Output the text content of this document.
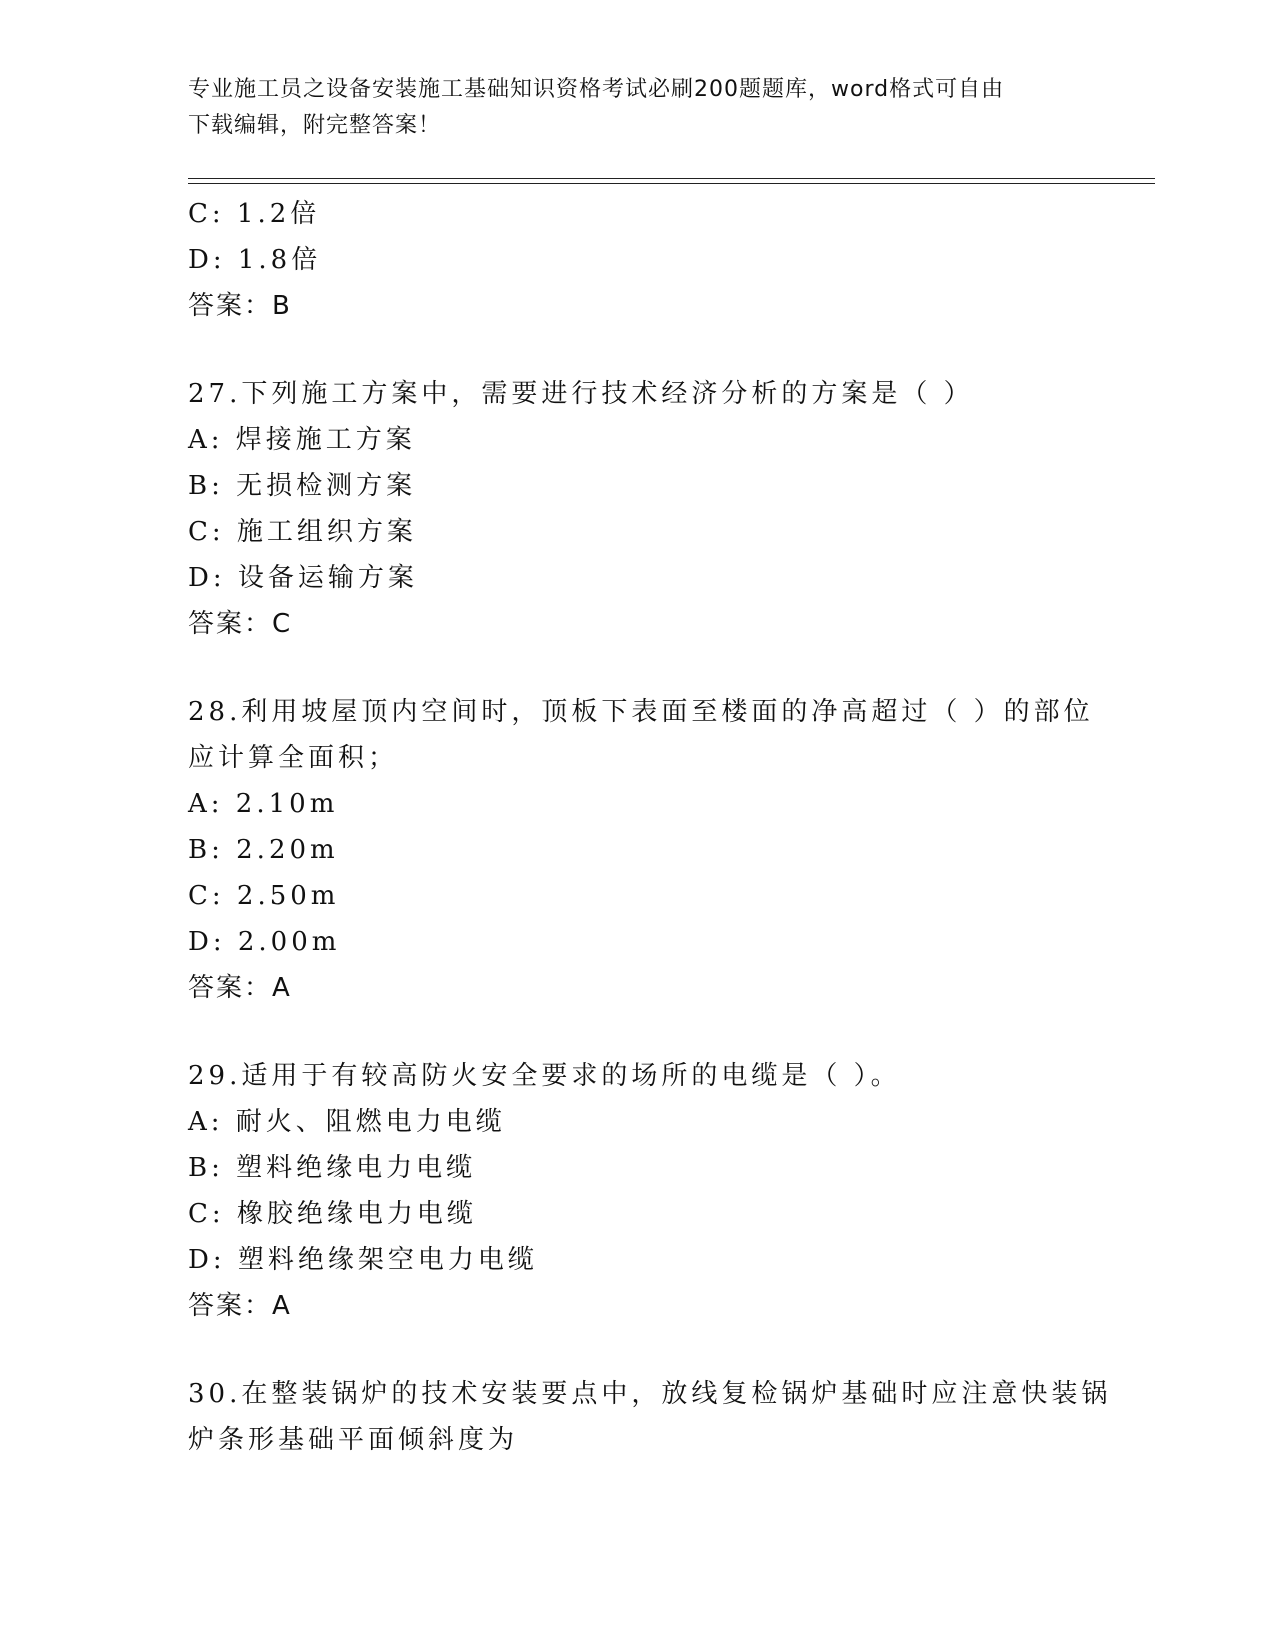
专业施工员之设备安装施工基础知识资格考试必刷200题题库，word格式可自由
下载编辑，附完整答案！
C: 1.2倍
D: 1.8倍
答案：B
27.下列施工方案中，需要进行技术经济分析的方案是（ ）
A: 焊接施工方案
B: 无损检测方案
C: 施工组织方案
D: 设备运输方案
答案：C
28.利用坡屋顶内空间时，顶板下表面至楼面的净高超过（ ）的部位
应计算全面积；
A: 2.10m
B: 2.20m
C: 2.50m
D: 2.00m
答案：A
29.适用于有较高防火安全要求的场所的电缆是（ ）。
A: 耐火、阻燃电力电缆
B: 塑料绝缘电力电缆
C: 橡胶绝缘电力电缆
D: 塑料绝缘架空电力电缆
答案：A
30.在整装锅炉的技术安装要点中，放线复检锅炉基础时应注意快装锅
炉条形基础平面倾斜度为
